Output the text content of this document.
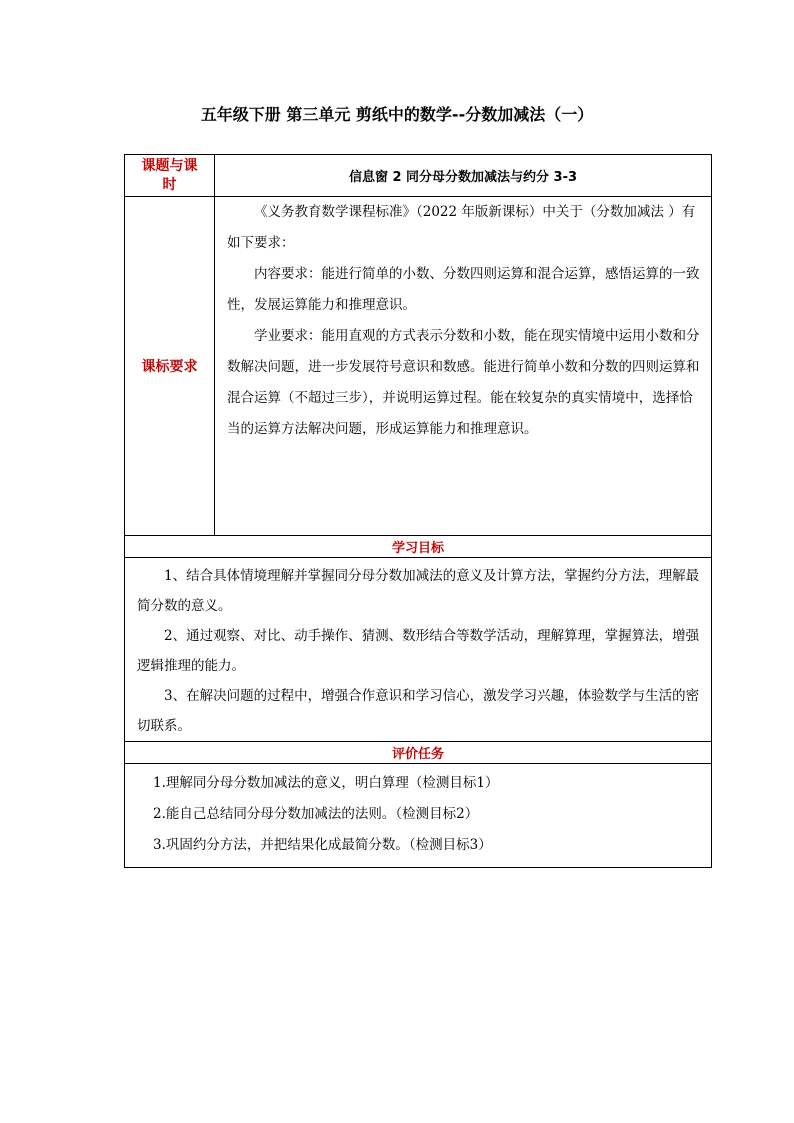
五年级下册 第三单元 剪纸中的数学--分数加减法（一）
课题与课
时	信息窗 2 同分母分数加减法与约分 3-3
课标要求	《义务教育数学课程标准》（2022 年版新课标）中关于（分数加减法 ）有如下要求：

内容要求：能进行简单的小数、分数四则运算和混合运算，感悟运算的一致性，发展运算能力和推理意识。

学业要求：能用直观的方式表示分数和小数，能在现实情境中运用小数和分数解决问题，进一步发展符号意识和数感。能进行简单小数和分数的四则运算和混合运算（不超过三步），并说明运算过程。能在较复杂的真实情境中，选择恰当的运算方法解决问题，形成运算能力和推理意识。

学习目标	

1、结合具体情境理解并掌握同分母分数加减法的意义及计算方法，掌握约分方法，理解最简分数的意义。

2、通过观察、对比、动手操作、猜测、数形结合等数学活动，理解算理，掌握算法，增强逻辑推理的能力。

3、在解决问题的过程中，增强合作意识和学习信心，激发学习兴趣，体验数学与生活的密切联系。	

评价任务	

1.理解同分母分数加减法的意义，明白算理（检测目标1）

2.能自己总结同分母分数加减法的法则。（检测目标2）

3.巩固约分方法，并把结果化成最简分数。（检测目标3）	
